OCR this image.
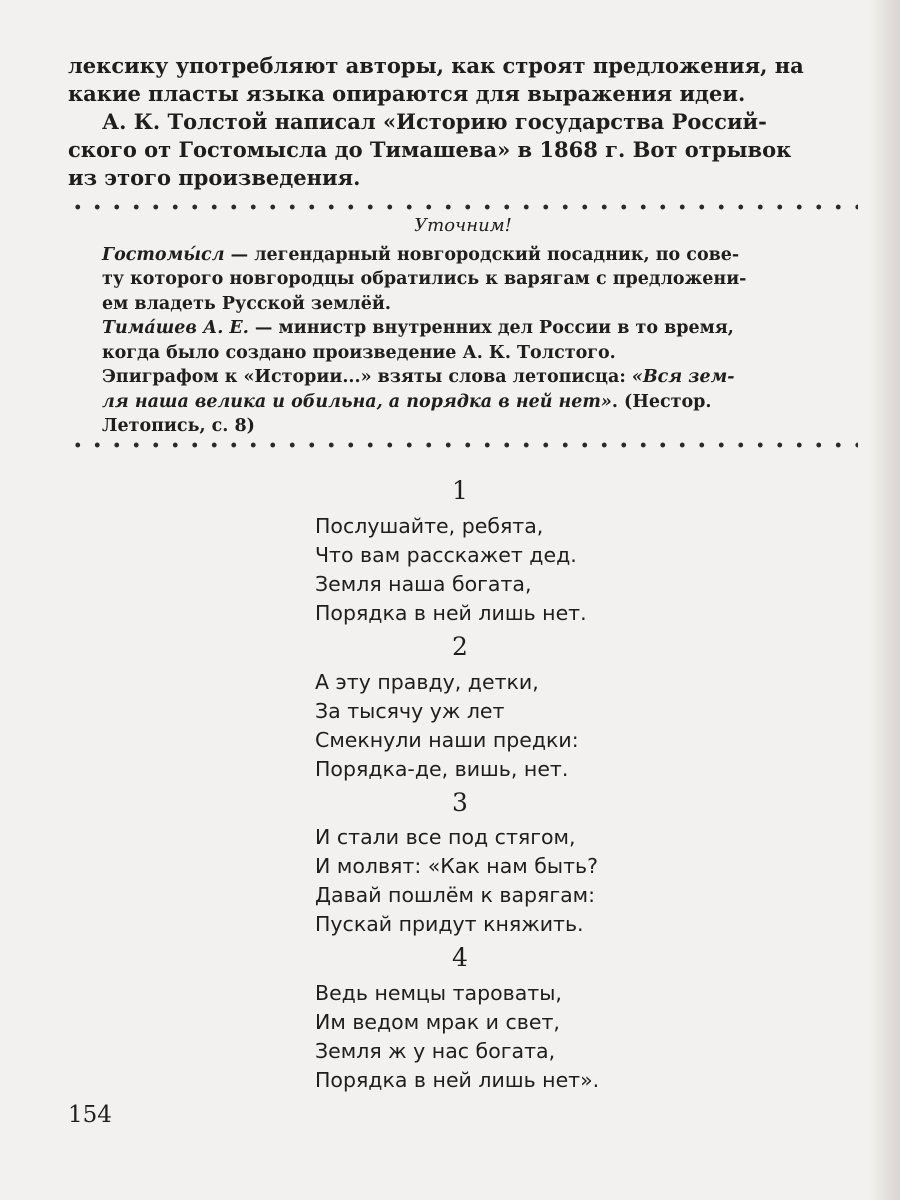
лексику употребляют авторы, как строят предложения, на

какие пласты языка опираются для выражения идеи.

А. К. Толстой написал «Историю государства Россий-

ского от Гостомысла до Тимашева» в 1868 г. Вот отрывок

из этого произведения.

Уточним!

Гостомы́сл — легендарный новгородский посадник, по сове-

ту которого новгородцы обратились к варягам с предложени-

ем владеть Русской землёй.

Тима́шев А. Е. — министр внутренних дел России в то время,

когда было создано произведение А. К. Толстого.

Эпиграфом к «Истории...» взяты слова летописца: «Вся зем-

ля наша велика и обильна, а порядка в ней нет». (Нестор.

Летопись, с. 8)

1
Послушайте, ребята,
Что вам расскажет дед.
Земля наша богата,
Порядка в ней лишь нет.
2
А эту правду, детки,
За тысячу уж лет
Смекнули наши предки:
Порядка-де, вишь, нет.
3
И стали все под стягом,
И молвят: «Как нам быть?
Давай пошлём к варягам:
Пускай придут княжить.
4
Ведь немцы тароваты,
Им ведом мрак и свет,
Земля ж у нас богата,
Порядка в ней лишь нет».
154
